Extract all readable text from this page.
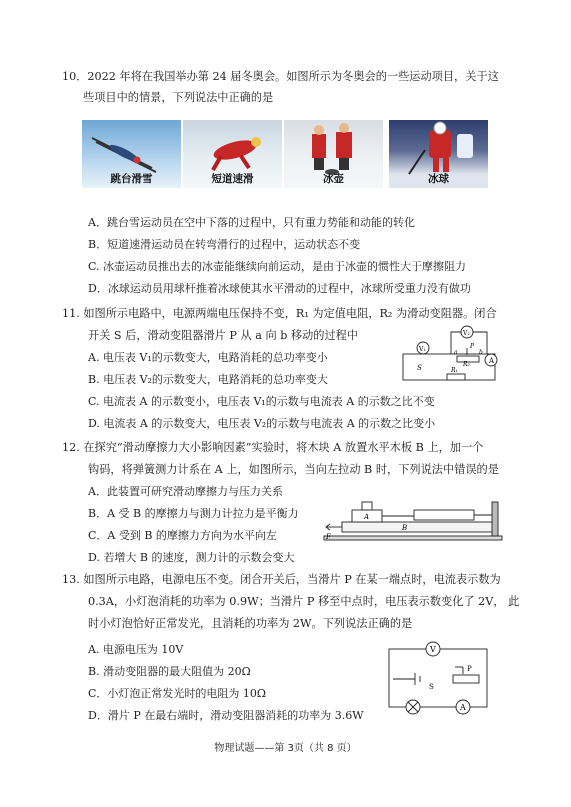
10．2022 年将在我国举办第 24 届冬奥会。如图所示为冬奥会的一些运动项目，关于这
些项目中的情景，下列说法中正确的是
跳台滑雪	短道速滑	冰壶	冰球
A．跳台雪运动员在空中下落的过程中，只有重力势能和动能的转化
B．短道速滑运动员在转弯滑行的过程中，运动状态不变
C. 冰壶运动员推出去的冰壶能继续向前运动，是由于冰壶的惯性大于摩擦阻力
D．冰球运动员用球杆推着冰球使其水平滑动的过程中，冰球所受重力没有做功
11. 如图所示电路中，电源两端电压保持不变，R₁ 为定值电阻，R₂ 为滑动变阻器。闭合
开关 S 后，滑动变阻器滑片 P 从 a 向 b 移动的过程中
A. 电压表 V₁的示数变大，电路消耗的总功率变小
B. 电压表 V₂的示数变大，电路消耗的总功率变大
C. 电流表 A 的示数变小，电压表 V₁的示数与电流表 A 的示数之比不变
D. 电流表 A 的示数变大，电压表 V₂的示数与电流表 A 的示数之比变小
V₂
V₁
A
S	R₁
R₂
P
a	b
12. 在探究“滑动摩擦力大小影响因素”实验时，将木块 A 放置水平木板 B 上，加一个
钩码，将弹簧测力计系在 A 上，如图所示，当向左拉动 B 时，下列说法中错误的是
A．此装置可研究滑动摩擦力与压力关系
B．A 受 B 的摩擦力与测力计拉力是平衡力
C．A 受到 B 的摩擦力方向为水平向左
D. 若增大 B 的速度，测力计的示数会变大
A
B
F
13. 如图所示电路，电源电压不变。闭合开关后，当滑片 P 在某一端点时，电流表示数为
0.3A，小灯泡消耗的功率为 0.9W；当滑片 P 移至中点时，电压表示数变化了 2V， 此
时小灯泡恰好正常发光，且消耗的功率为 2W。下列说法正确的是
A. 电源电压为 10V
B. 滑动变阻器的最大阻值为 20Ω
C．小灯泡正常发光时的电阻为 10Ω
D．滑片 P 在最右端时，滑动变阻器消耗的功率为 3.6W
V
P
S
A
物理试题——第 3页（共 8 页）
